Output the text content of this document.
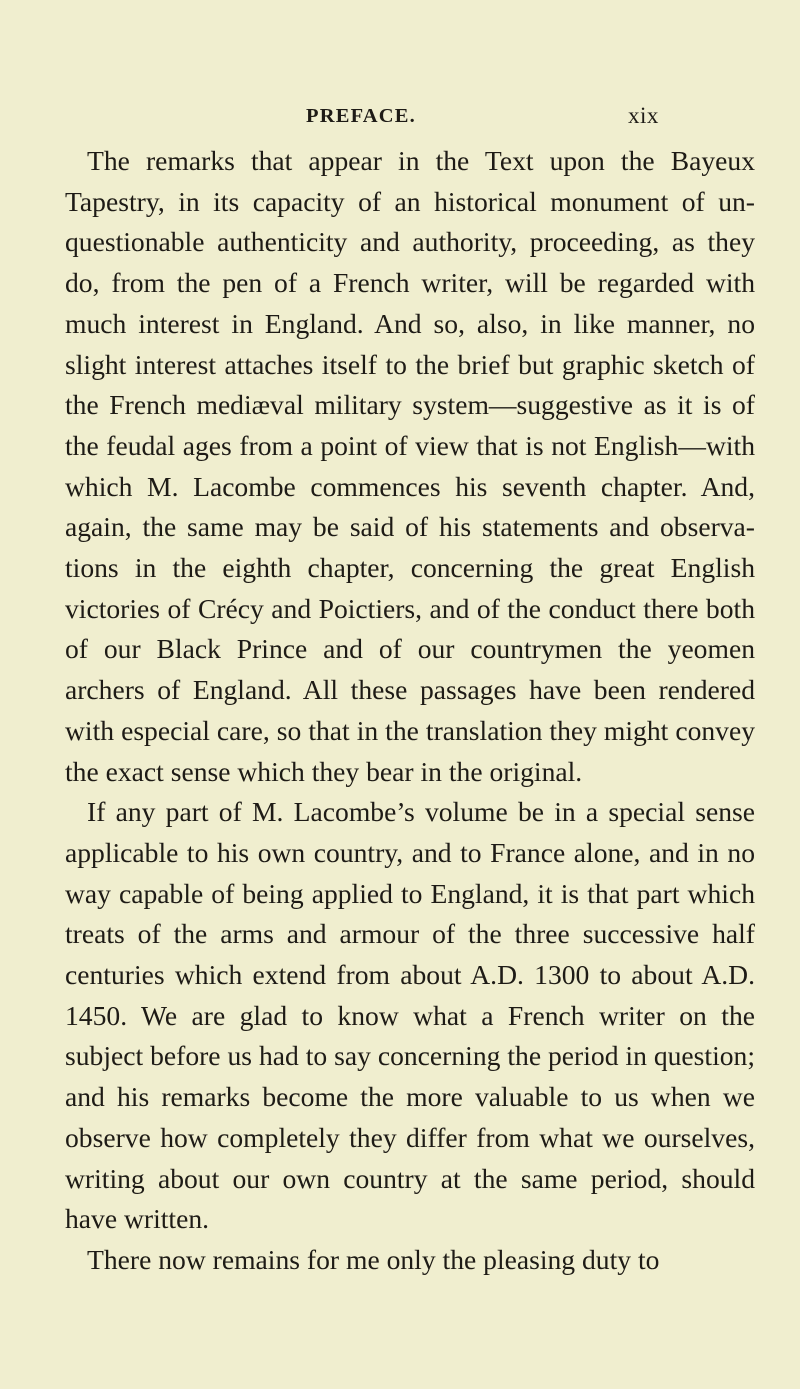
PREFACE.	xix

The remarks that appear in the Text upon the Bayeux Tapestry, in its capacity of an historical monument of un-questionable authenticity and authority, proceeding, as they do, from the pen of a French writer, will be regarded with much interest in England. And so, also, in like manner, no slight interest attaches itself to the brief but graphic sketch of the French mediæval military system—suggestive as it is of the feudal ages from a point of view that is not English—with which M. Lacombe commences his seventh chapter. And, again, the same may be said of his statements and observa-tions in the eighth chapter, concerning the great English victories of Crécy and Poictiers, and of the conduct there both of our Black Prince and of our countrymen the yeomen archers of England. All these passages have been rendered with especial care, so that in the translation they might convey the exact sense which they bear in the original.

If any part of M. Lacombe’s volume be in a special sense applicable to his own country, and to France alone, and in no way capable of being applied to England, it is that part which treats of the arms and armour of the three successive half centuries which extend from about A.D. 1300 to about A.D. 1450. We are glad to know what a French writer on the subject before us had to say concerning the period in question; and his remarks become the more valuable to us when we observe how completely they differ from what we ourselves, writing about our own country at the same period, should have written.

There now remains for me only the pleasing duty to
